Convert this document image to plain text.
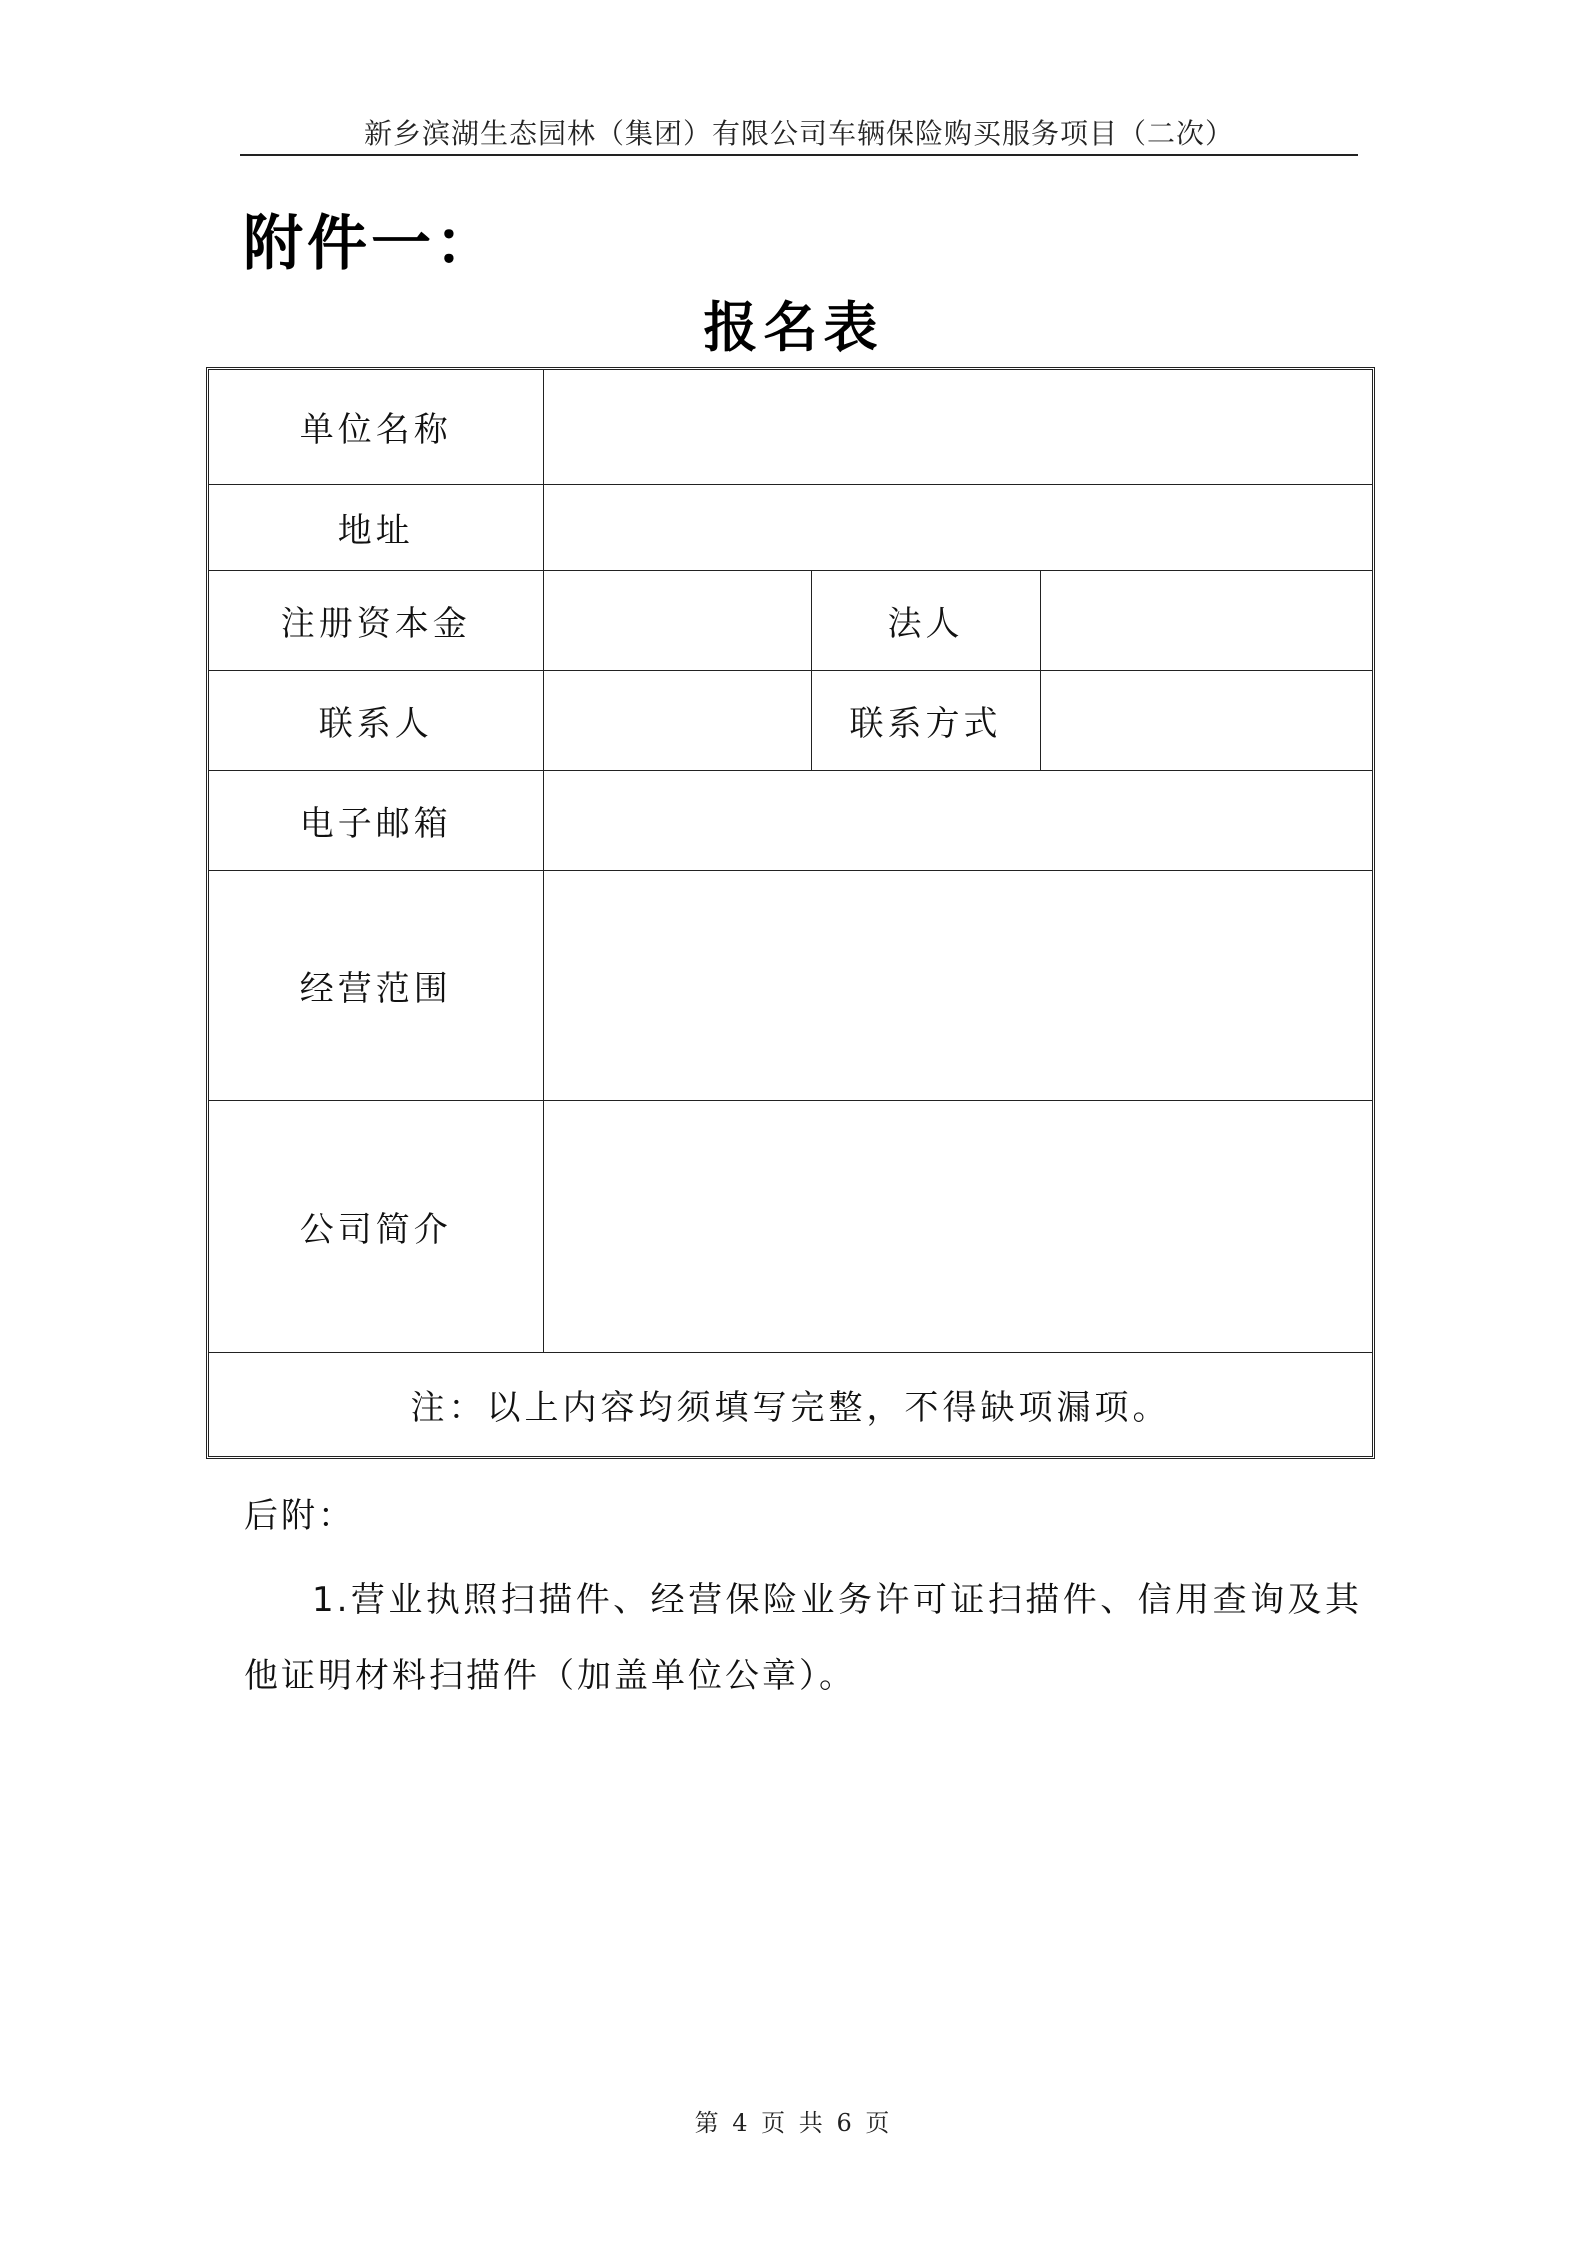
新乡滨湖生态园林（集团）有限公司车辆保险购买服务项目（二次）
附件一：
报名表
单位名称			
地址			
注册资本金		法人	
联系人		联系方式	
电子邮箱			
经营范围			
公司简介			
注：以上内容均须填写完整，不得缺项漏项。			
后附：
1.营业执照扫描件、经营保险业务许可证扫描件、信用查询及其他证明材料扫描件（加盖单位公章）。
第 4 页 共 6 页
